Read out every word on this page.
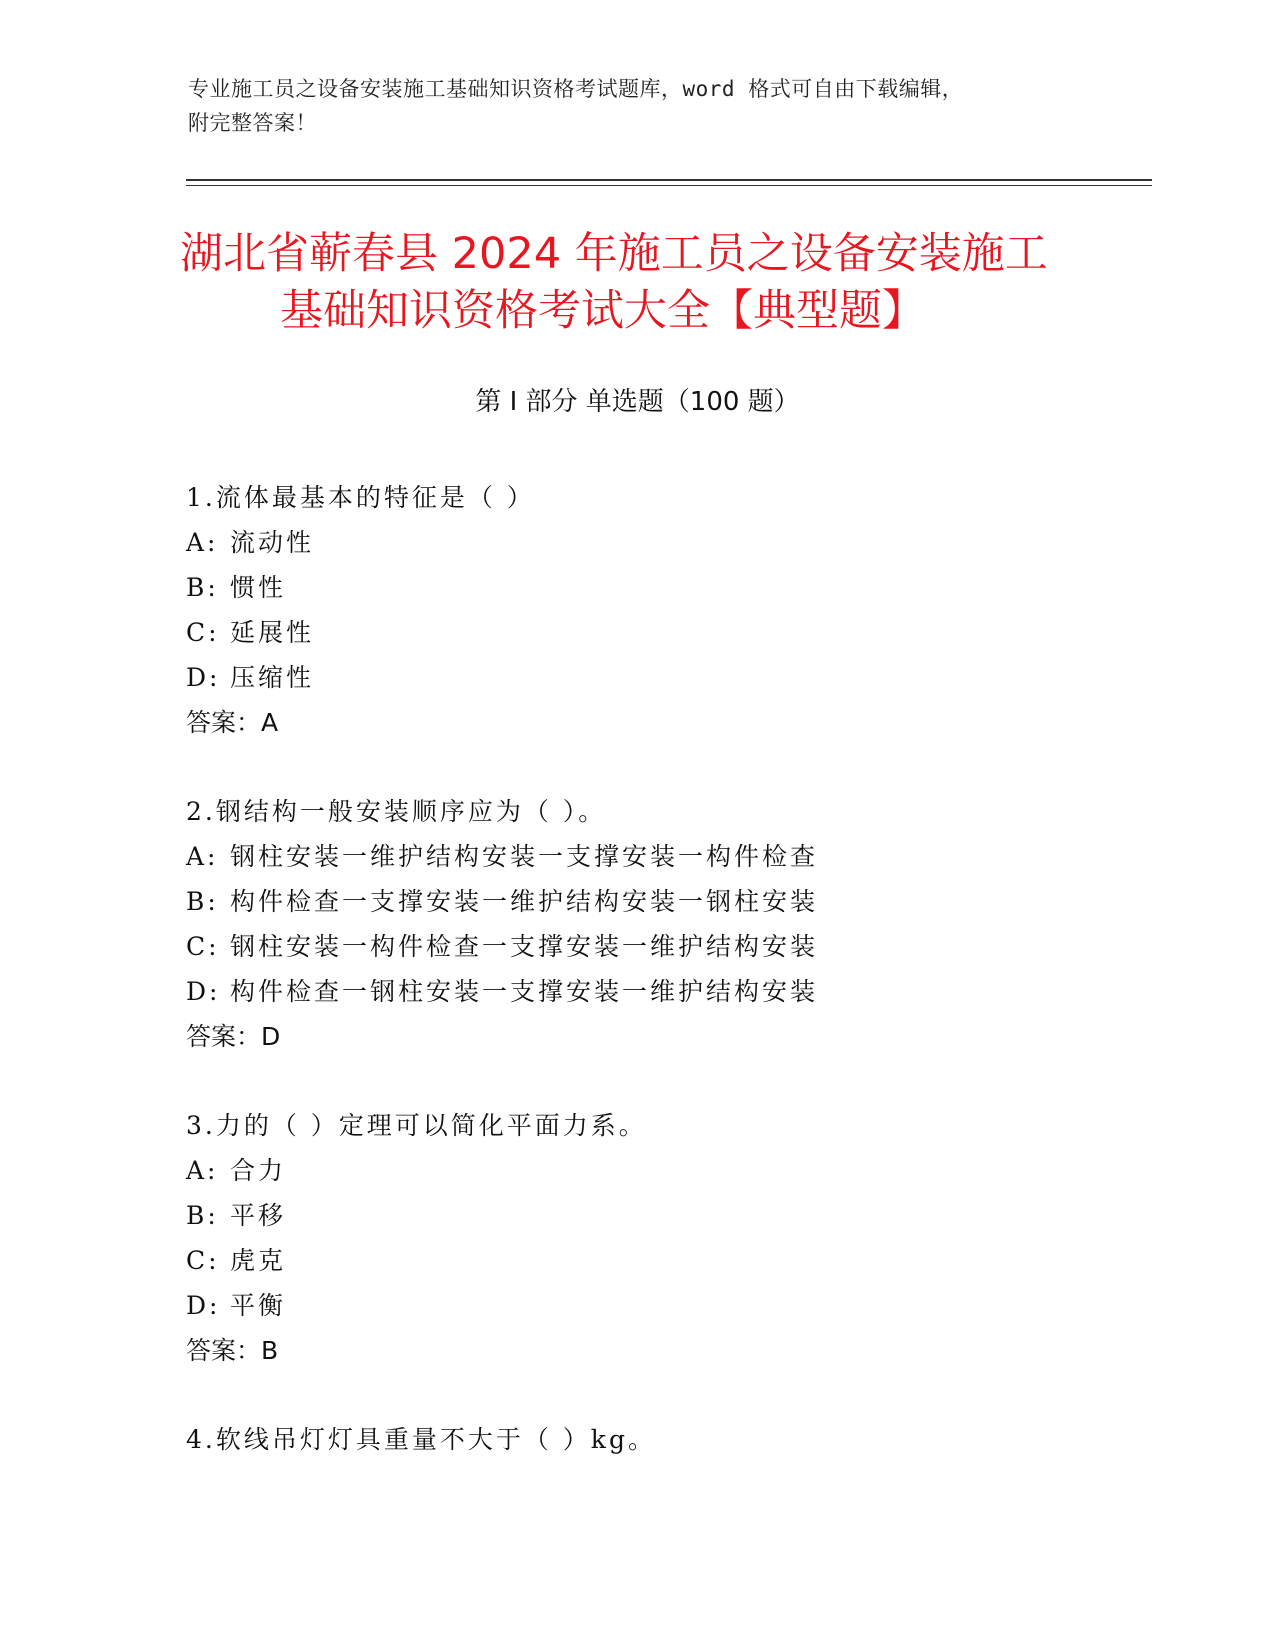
专业施工员之设备安装施工基础知识资格考试题库，word 格式可自由下载编辑，
附完整答案！
湖北省蕲春县 2024 年施工员之设备安装施工
基础知识资格考试大全【典型题】
第 I 部分 单选题（100 题）
1.流体最基本的特征是（ ）
A: 流动性
B: 惯性
C: 延展性
D: 压缩性
答案：A
2.钢结构一般安装顺序应为（ ）。
A: 钢柱安装一维护结构安装一支撑安装一构件检查
B: 构件检查一支撑安装一维护结构安装一钢柱安装
C: 钢柱安装一构件检查一支撑安装一维护结构安装
D: 构件检查一钢柱安装一支撑安装一维护结构安装
答案：D
3.力的（ ）定理可以简化平面力系。
A: 合力
B: 平移
C: 虎克
D: 平衡
答案：B
4.软线吊灯灯具重量不大于（ ）kg。
